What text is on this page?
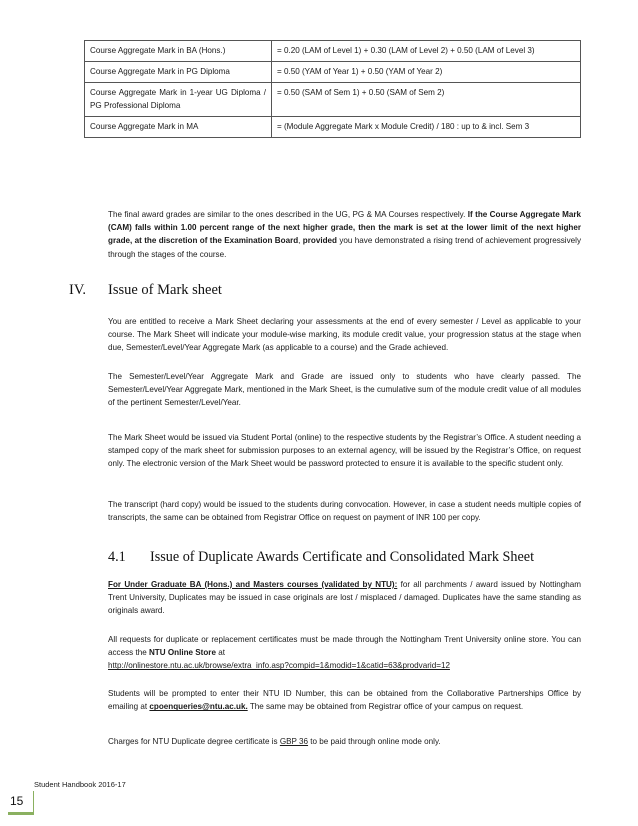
Course Aggregate Mark in BA (Hons.)	= 0.20 (LAM of Level 1) + 0.30 (LAM of Level 2) + 0.50 (LAM of Level 3)
Course Aggregate Mark in PG Diploma	= 0.50 (YAM of Year 1) + 0.50 (YAM of Year 2)
Course Aggregate Mark in 1-year UG Diploma / PG Professional Diploma	= 0.50 (SAM of Sem 1) + 0.50 (SAM of Sem 2)
Course Aggregate Mark in MA	= (Module Aggregate Mark x Module Credit) / 180 : up to & incl. Sem 3

The final award grades are similar to the ones described in the UG, PG & MA Courses respectively. If the Course Aggregate Mark (CAM) falls within 1.00 percent range of the next higher grade, then the mark is set at the lower limit of the next higher grade, at the discretion of the Examination Board, provided you have demonstrated a rising trend of achievement progressively through the stages of the course.

IV. Issue of Mark sheet

You are entitled to receive a Mark Sheet declaring your assessments at the end of every semester / Level as applicable to your course. The Mark Sheet will indicate your module-wise marking, its module credit value, your progression status at the stage when due, Semester/Level/Year Aggregate Mark (as applicable to a course) and the Grade achieved.

The Semester/Level/Year Aggregate Mark and Grade are issued only to students who have clearly passed. The Semester/Level/Year Aggregate Mark, mentioned in the Mark Sheet, is the cumulative sum of the module credit value of all modules of the pertinent Semester/Level/Year.

The Mark Sheet would be issued via Student Portal (online) to the respective students by the Registrar’s Office. A student needing a stamped copy of the mark sheet for submission purposes to an external agency, will be issued by the Registrar’s Office, on request only. The electronic version of the Mark Sheet would be password protected to ensure it is available to the specific student only.

The transcript (hard copy) would be issued to the students during convocation. However, in case a student needs multiple copies of transcripts, the same can be obtained from Registrar Office on request on payment of INR 100 per copy.

4.1 Issue of Duplicate Awards Certificate and Consolidated Mark Sheet

For Under Graduate BA (Hons.) and Masters courses (validated by NTU): for all parchments / award issued by Nottingham Trent University, Duplicates may be issued in case originals are lost / misplaced / damaged. Duplicates have the same standing as originals award.

All requests for duplicate or replacement certificates must be made through the Nottingham Trent University online store. You can access the NTU Online Store at
http://onlinestore.ntu.ac.uk/browse/extra_info.asp?compid=1&modid=1&catid=63&prodvarid=12

Students will be prompted to enter their NTU ID Number, this can be obtained from the Collaborative Partnerships Office by emailing at cpoenqueries@ntu.ac.uk. The same may be obtained from Registrar office of your campus on request.

Charges for NTU Duplicate degree certificate is GBP 36 to be paid through online mode only.

Student Handbook 2016-17
15
